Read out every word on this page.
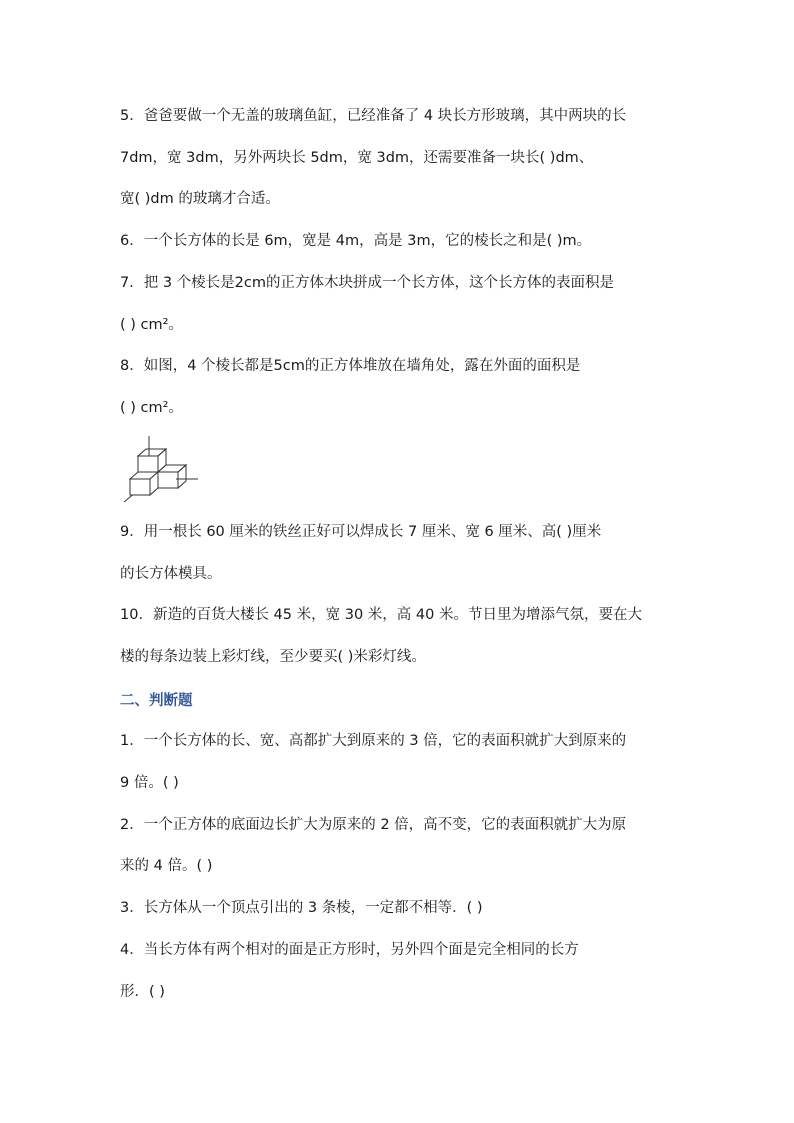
5．爸爸要做一个无盖的玻璃鱼缸，已经准备了 4 块长方形玻璃，其中两块的长
7dm，宽 3dm，另外两块长 5dm，宽 3dm，还需要准备一块长( )dm、
宽( )dm 的玻璃才合适。
6．一个长方体的长是 6m，宽是 4m，高是 3m，它的棱长之和是( )m。
7．把 3 个棱长是2cm的正方体木块拼成一个长方体，这个长方体的表面积是
( ) cm²。
8．如图，4 个棱长都是5cm的正方体堆放在墙角处，露在外面的面积是
( ) cm²。
9．用一根长 60 厘米的铁丝正好可以焊成长 7 厘米、宽 6 厘米、高( )厘米
的长方体模具。
10．新造的百货大楼长 45 米，宽 30 米，高 40 米。节日里为增添气氛，要在大
楼的每条边装上彩灯线，至少要买( )米彩灯线。
二、判断题
1．一个长方体的长、宽、高都扩大到原来的 3 倍，它的表面积就扩大到原来的
9 倍。( )
2．一个正方体的底面边长扩大为原来的 2 倍，高不变，它的表面积就扩大为原
来的 4 倍。( )
3．长方体从一个顶点引出的 3 条棱，一定都不相等．( )
4．当长方体有两个相对的面是正方形时，另外四个面是完全相同的长方
形．( )
